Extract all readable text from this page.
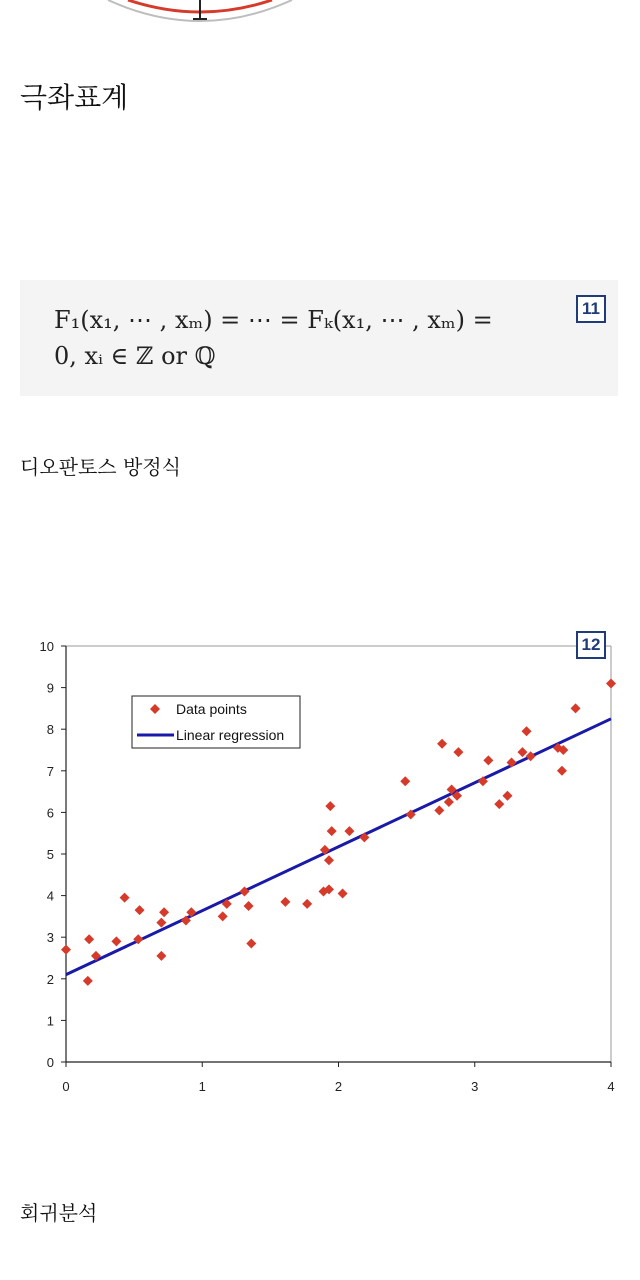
극좌표계
F₁(x₁, ⋯ , xₘ) = ⋯ = Fₖ(x₁, ⋯ , xₘ) =
0, xᵢ ∈ ℤ or ℚ
11
디오판토스 방정식
0
1
2
3
4
5
6
7
8
9
10
0	1	2	3	4
Data points
Linear regression
12
회귀분석
